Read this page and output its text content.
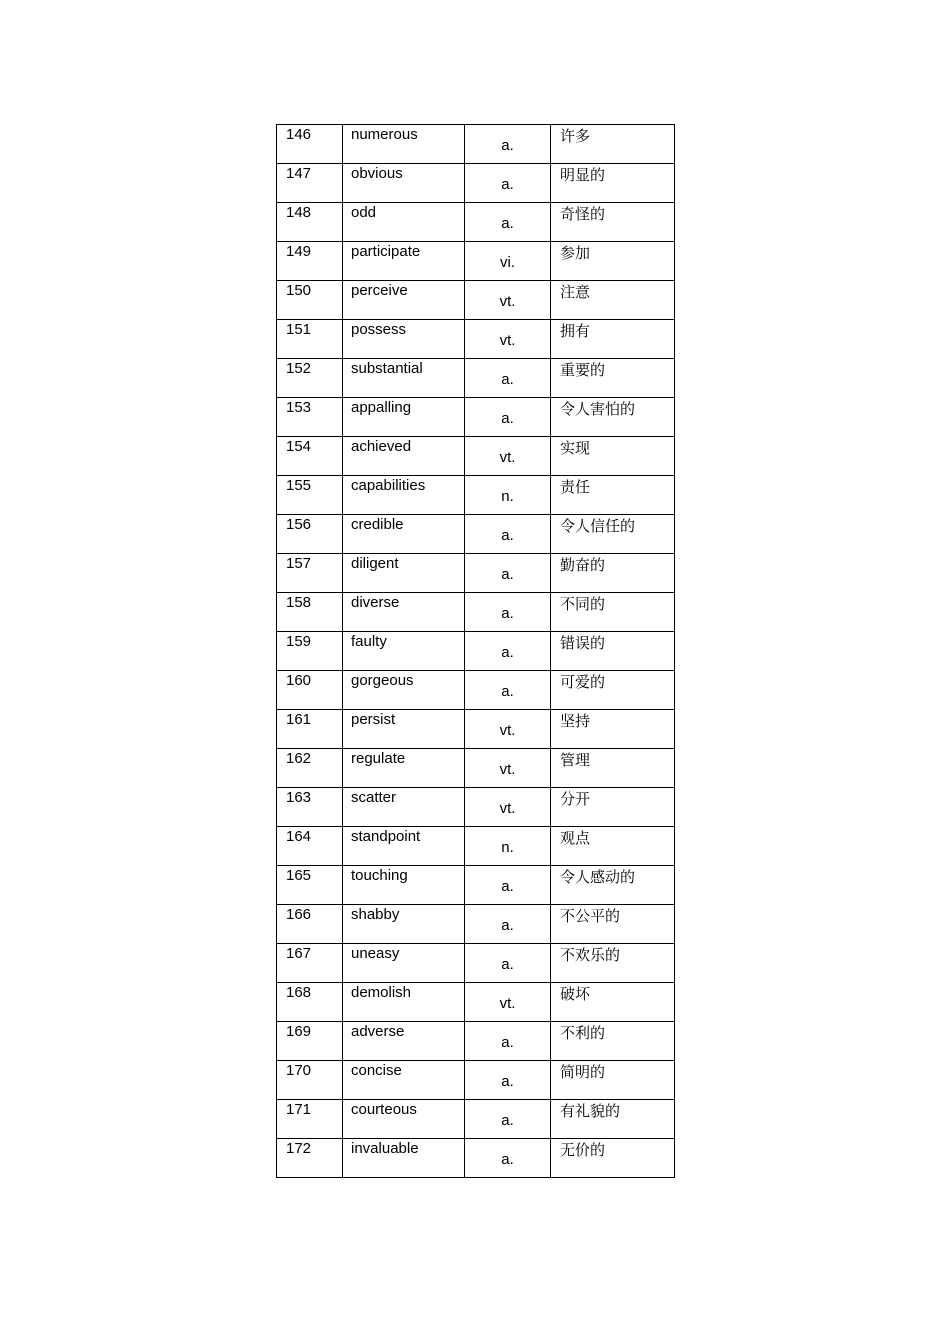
146	numerous	a.	许多

147	obvious	a.	明显的

148	odd	a.	奇怪的

149	participate	vi.	参加

150	perceive	vt.	注意

151	possess	vt.	拥有

152	substantial	a.	重要的

153	appalling	a.	令人害怕的

154	achieved	vt.	实现

155	capabilities	n.	责任

156	credible	a.	令人信任的

157	diligent	a.	勤奋的

158	diverse	a.	不同的

159	faulty	a.	错误的

160	gorgeous	a.	可爱的

161	persist	vt.	坚持

162	regulate	vt.	管理

163	scatter	vt.	分开

164	standpoint	n.	观点

165	touching	a.	令人感动的

166	shabby	a.	不公平的

167	uneasy	a.	不欢乐的

168	demolish	vt.	破坏

169	adverse	a.	不利的

170	concise	a.	简明的

171	courteous	a.	有礼貌的

172	invaluable	a.	无价的
